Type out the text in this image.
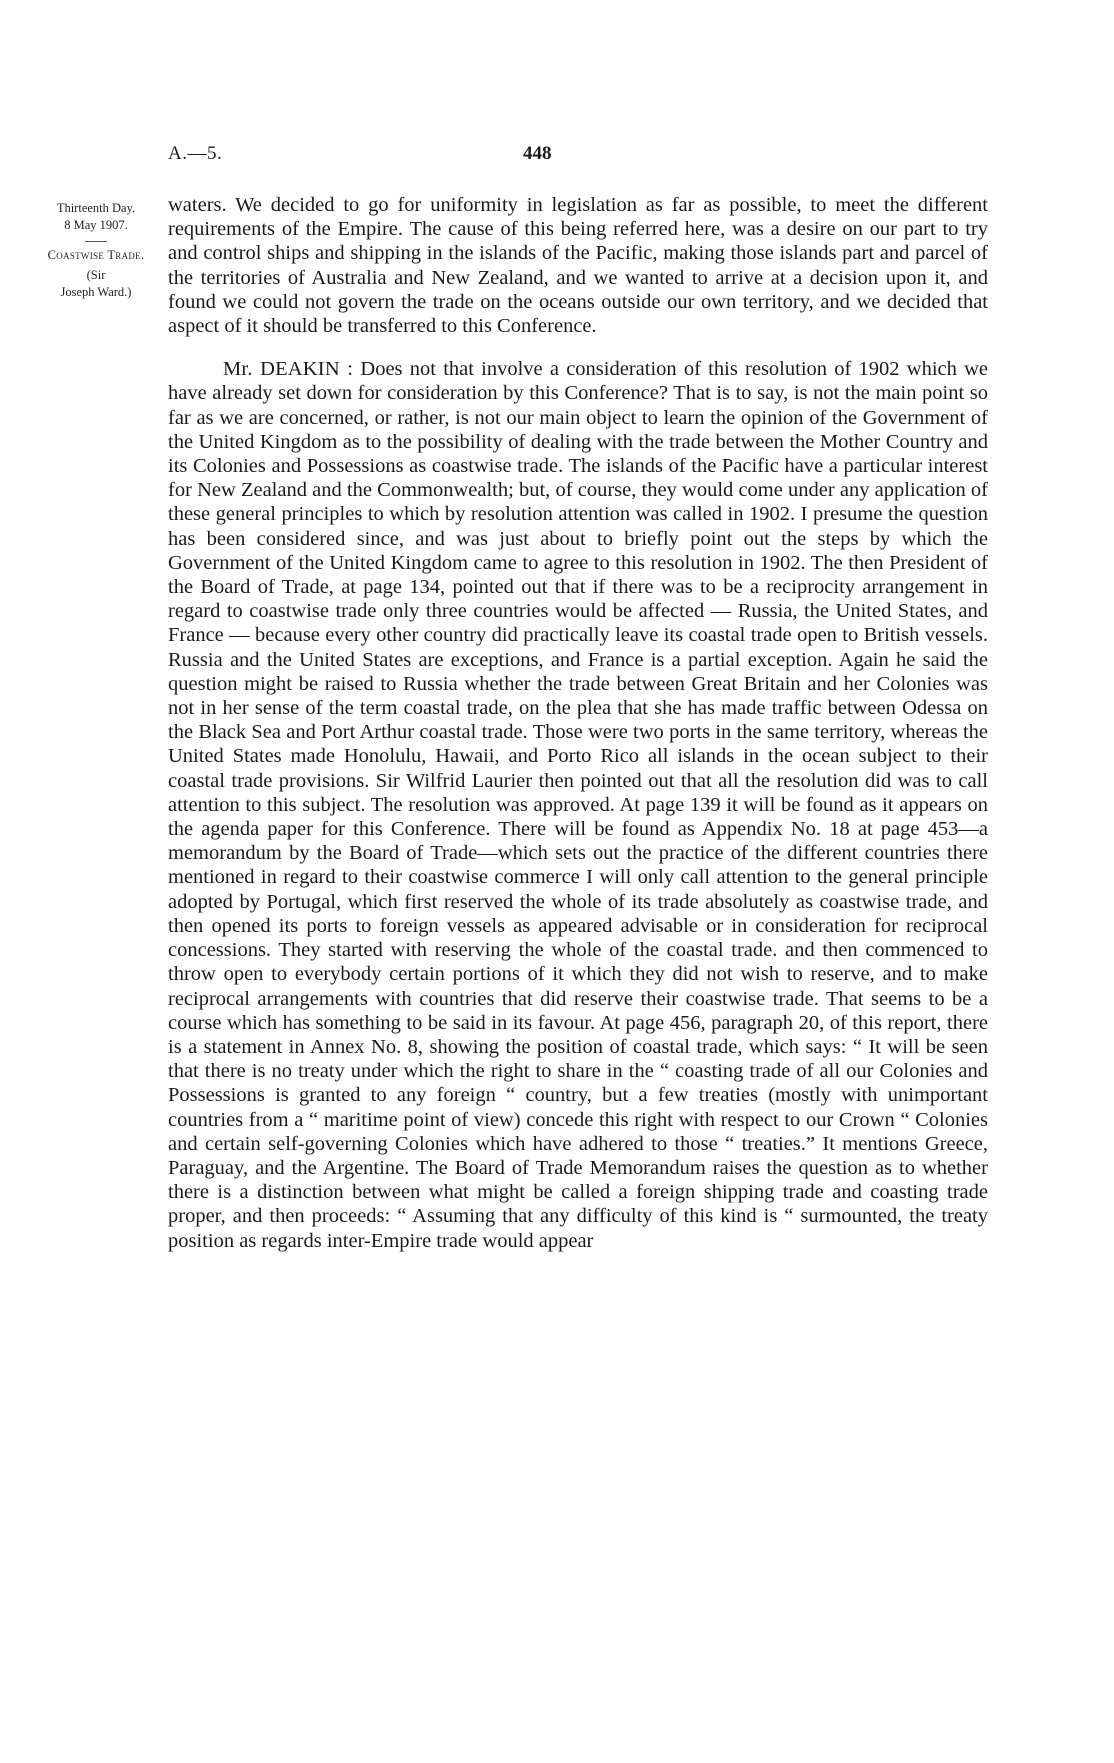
A.—5.	448
Thirteenth Day.
8 May 1907.
Coastwise Trade.
(Sir
Joseph Ward.)

waters. We decided to go for uniformity in legislation as far as possible, to meet the different requirements of the Empire. The cause of this being referred here, was a desire on our part to try and control ships and shipping in the islands of the Pacific, making those islands part and parcel of the territories of Australia and New Zealand, and we wanted to arrive at a decision upon it, and found we could not govern the trade on the oceans outside our own territory, and we decided that aspect of it should be transferred to this Conference.

Mr. DEAKIN : Does not that involve a consideration of this resolution of 1902 which we have already set down for consideration by this Conference? That is to say, is not the main point so far as we are concerned, or rather, is not our main object to learn the opinion of the Government of the United Kingdom as to the possibility of dealing with the trade between the Mother Country and its Colonies and Possessions as coastwise trade. The islands of the Pacific have a particular interest for New Zealand and the Commonwealth; but, of course, they would come under any application of these general principles to which by resolution attention was called in 1902. I presume the question has been considered since, and was just about to briefly point out the steps by which the Government of the United Kingdom came to agree to this resolution in 1902. The then President of the Board of Trade, at page 134, pointed out that if there was to be a reciprocity arrangement in regard to coastwise trade only three countries would be affected — Russia, the United States, and France — because every other country did practically leave its coastal trade open to British vessels. Russia and the United States are exceptions, and France is a partial exception. Again he said the question might be raised to Russia whether the trade between Great Britain and her Colonies was not in her sense of the term coastal trade, on the plea that she has made traffic between Odessa on the Black Sea and Port Arthur coastal trade. Those were two ports in the same territory, whereas the United States made Honolulu, Hawaii, and Porto Rico all islands in the ocean subject to their coastal trade provisions. Sir Wilfrid Laurier then pointed out that all the resolution did was to call attention to this subject. The resolution was approved. At page 139 it will be found as it appears on the agenda paper for this Conference. There will be found as Appendix No. 18 at page 453—a memorandum by the Board of Trade—which sets out the practice of the different countries there mentioned in regard to their coastwise commerce I will only call attention to the general principle adopted by Portugal, which first reserved the whole of its trade absolutely as coastwise trade, and then opened its ports to foreign vessels as appeared advisable or in consideration for reciprocal concessions. They started with reserving the whole of the coastal trade. and then commenced to throw open to everybody certain portions of it which they did not wish to reserve, and to make reciprocal arrangements with countries that did reserve their coastwise trade. That seems to be a course which has something to be said in its favour. At page 456, paragraph 20, of this report, there is a statement in Annex No. 8, showing the position of coastal trade, which says: “ It will be seen that there is no treaty under which the right to share in the “ coasting trade of all our Colonies and Possessions is granted to any foreign “ country, but a few treaties (mostly with unimportant countries from a “ maritime point of view) concede this right with respect to our Crown “ Colonies and certain self-governing Colonies which have adhered to those “ treaties.” It mentions Greece, Paraguay, and the Argentine. The Board of Trade Memorandum raises the question as to whether there is a distinction between what might be called a foreign shipping trade and coasting trade proper, and then proceeds: “ Assuming that any difficulty of this kind is “ surmounted, the treaty position as regards inter-Empire trade would appear
